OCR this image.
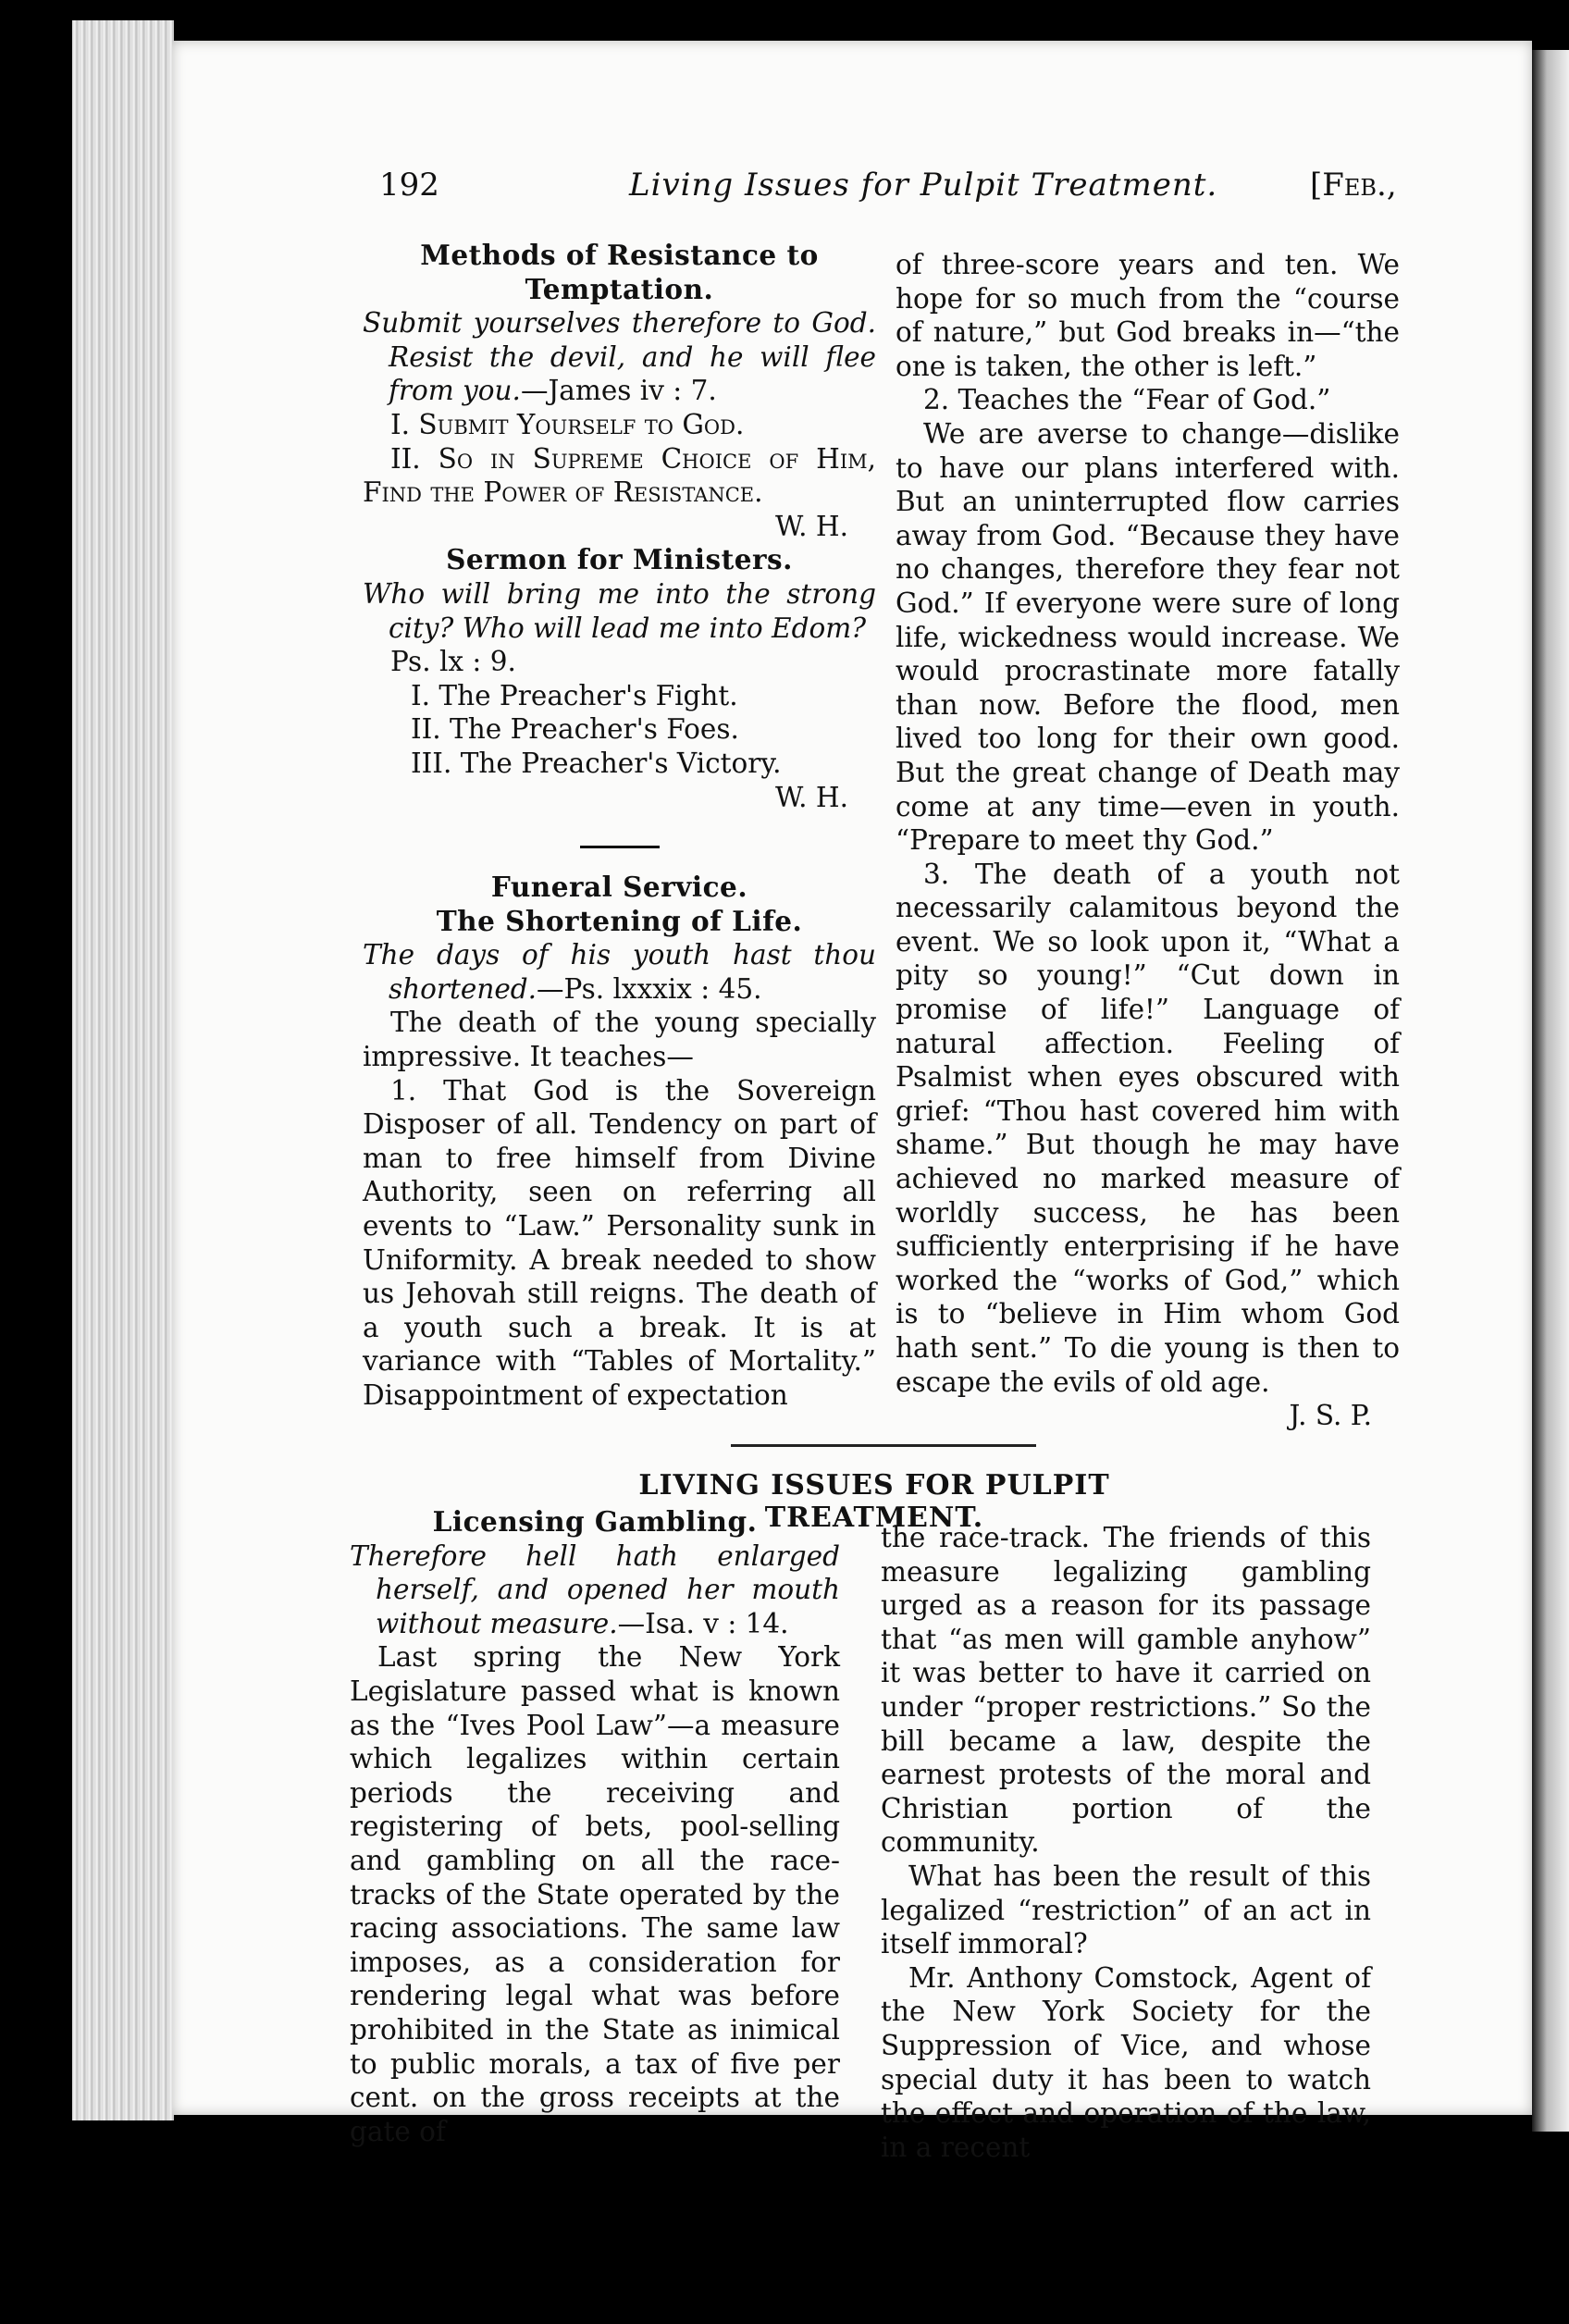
192	Living Issues for Pulpit Treatment.	[Feb.,

Methods of Resistance to Temptation.

Submit yourselves therefore to God. Resist the devil, and he will flee from you.—James iv : 7.

I. Submit Yourself to God.

II. So in Supreme Choice of Him, Find the Power of Resistance.

W. H.

Sermon for Ministers.

Who will bring me into the strong city? Who will lead me into Edom?

Ps. lx : 9.

I. The Preacher's Fight.

II. The Preacher's Foes.

III. The Preacher's Victory.

W. H.

Funeral Service.

The Shortening of Life.

The days of his youth hast thou shortened.—Ps. lxxxix : 45.

The death of the young specially impressive. It teaches—

1. That God is the Sovereign Disposer of all. Tendency on part of man to free himself from Divine Authority, seen on referring all events to “Law.” Personality sunk in Uniformity. A break needed to show us Jehovah still reigns. The death of a youth such a break. It is at variance with “Tables of Mortality.” Disappointment of expectation

of three-score years and ten. We hope for so much from the “course of nature,” but God breaks in—“the one is taken, the other is left.”

2. Teaches the “Fear of God.”

We are averse to change—dislike to have our plans interfered with. But an uninterrupted flow carries away from God. “Because they have no changes, therefore they fear not God.” If everyone were sure of long life, wickedness would increase. We would procrastinate more fatally than now. Before the flood, men lived too long for their own good. But the great change of Death may come at any time—even in youth. “Prepare to meet thy God.”

3. The death of a youth not necessarily calamitous beyond the event. We so look upon it, “What a pity so young!” “Cut down in promise of life!” Language of natural affection. Feeling of Psalmist when eyes obscured with grief: “Thou hast covered him with shame.” But though he may have achieved no marked measure of worldly success, he has been sufficiently enterprising if he have worked the “works of God,” which is to “believe in Him whom God hath sent.” To die young is then to escape the evils of old age.

J. S. P.

LIVING ISSUES FOR PULPIT TREATMENT.

Licensing Gambling.

Therefore hell hath enlarged herself, and opened her mouth without measure.—Isa. v : 14.

Last spring the New York Legislature passed what is known as the “Ives Pool Law”—a measure which legalizes within certain periods the receiving and registering of bets, pool-selling and gambling on all the race-tracks of the State operated by the racing associations. The same law imposes, as a consideration for rendering legal what was before prohibited in the State as inimical to public morals, a tax of five per cent. on the gross receipts at the gate of

the race-track. The friends of this measure legalizing gambling urged as a reason for its passage that “as men will gamble anyhow” it was better to have it carried on under “proper restrictions.” So the bill became a law, despite the earnest protests of the moral and Christian portion of the community.

What has been the result of this legalized “restriction” of an act in itself immoral?

Mr. Anthony Comstock, Agent of the New York Society for the Suppression of Vice, and whose special duty it has been to watch the effect and operation of the law, in a recent
